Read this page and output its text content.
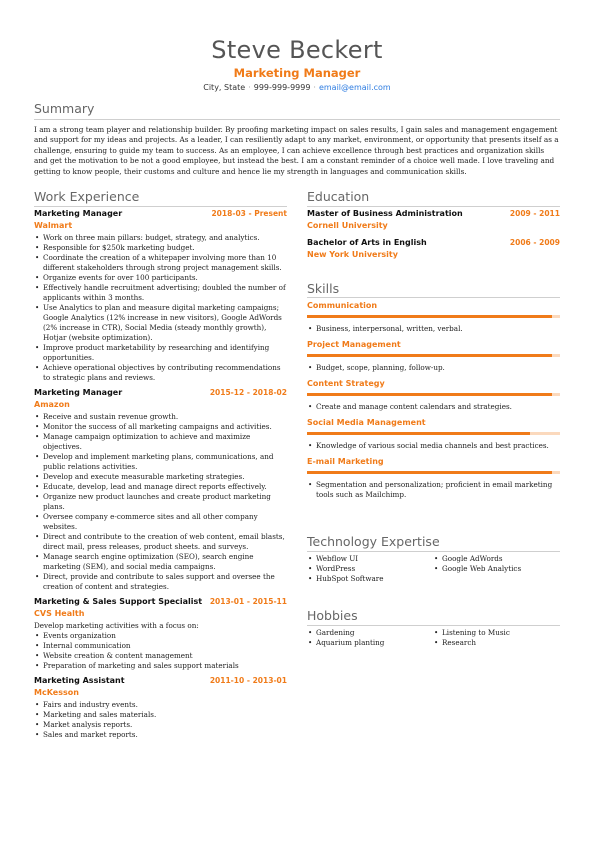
Steve Beckert
Marketing Manager
City, State · 999-999-9999 · email@email.com
Summary
I am a strong team player and relationship builder. By proofing marketing impact on sales results, I gain sales and management engagement and support for my ideas and projects. As a leader, I can resiliently adapt to any market, environment, or opportunity that presents itself as a challenge, ensuring to guide my team to success. As an employee, I can achieve excellence through best practices and organization skills and get the motivation to be not a good employee, but instead the best. I am a constant reminder of a choice well made. I love traveling and getting to know people, their customs and culture and hence lie my strength in languages and communication skills.
Work Experience
Marketing Manager	2018-03 - Present
Walmart
• Work on three main pillars: budget, strategy, and analytics.
• Responsible for $250k marketing budget.
• Coordinate the creation of a whitepaper involving more than 10 different stakeholders through strong project management skills.
• Organize events for over 100 participants.
• Effectively handle recruitment advertising; doubled the number of applicants within 3 months.
• Use Analytics to plan and measure digital marketing campaigns; Google Analytics (12% increase in new visitors), Google AdWords (2% increase in CTR), Social Media (steady monthly growth), Hotjar (website optimization).
• Improve product marketability by researching and identifying opportunities.
• Achieve operational objectives by contributing recommendations to strategic plans and reviews.
Marketing Manager	2015-12 - 2018-02
Amazon
• Receive and sustain revenue growth.
• Monitor the success of all marketing campaigns and activities.
• Manage campaign optimization to achieve and maximize objectives.
• Develop and implement marketing plans, communications, and public relations activities.
• Develop and execute measurable marketing strategies.
• Educate, develop, lead and manage direct reports effectively.
• Organize new product launches and create product marketing plans.
• Oversee company e-commerce sites and all other company websites.
• Direct and contribute to the creation of web content, email blasts, direct mail, press releases, product sheets. and surveys.
• Manage search engine optimization (SEO), search engine marketing (SEM), and social media campaigns.
• Direct, provide and contribute to sales support and oversee the creation of content and strategies.
Marketing & Sales Support Specialist 2013-01 - 2015-11
CVS Health
Develop marketing activities with a focus on:
• Events organization
• Internal communication
• Website creation & content management
• Preparation of marketing and sales support materials
Marketing Assistant	2011-10 - 2013-01
McKesson
• Fairs and industry events.
• Marketing and sales materials.
• Market analysis reports.
• Sales and market reports.
Education
Master of Business Administration	2009 - 2011
Cornell University
Bachelor of Arts in English	2006 - 2009
New York University
Skills
Communication
• Business, interpersonal, written, verbal.
Project Management
• Budget, scope, planning, follow-up.
Content Strategy
• Create and manage content calendars and strategies.
Social Media Management
• Knowledge of various social media channels and best practices.
E-mail Marketing
• Segmentation and personalization; proficient in email marketing tools such as Mailchimp.
Technology Expertise
• Webflow UI
• WordPress
• HubSpot Software
• Google AdWords
• Google Web Analytics
Hobbies
• Gardening
• Aquarium planting
• Listening to Music
• Research
